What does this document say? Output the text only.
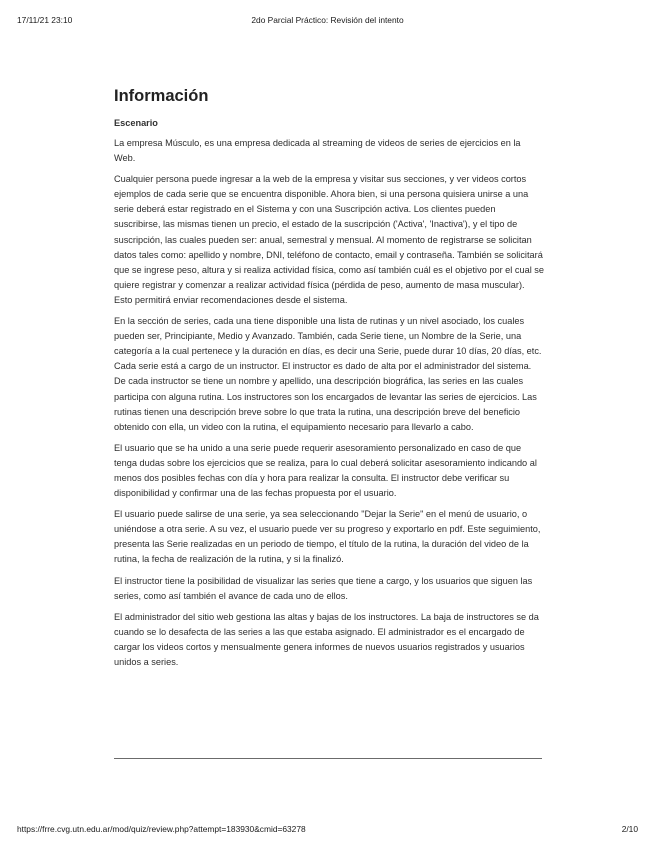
17/11/21 23:10	2do Parcial Práctico: Revisión del intento
Información
Escenario

La empresa Músculo, es una empresa dedicada al streaming de videos de series de ejercicios en la Web.

Cualquier persona puede ingresar a la web de la empresa y visitar sus secciones, y ver videos cortos ejemplos de cada serie que se encuentra disponible. Ahora bien, si una persona quisiera unirse a una serie deberá estar registrado en el Sistema y con una Suscripción activa. Los clientes pueden suscribirse, las mismas tienen un precio, el estado de la suscripción ('Activa', 'Inactiva'), y el tipo de suscripción, las cuales pueden ser: anual, semestral y mensual. Al momento de registrarse se solicitan datos tales como: apellido y nombre, DNI, teléfono de contacto, email y contraseña. También se solicitará que se ingrese peso, altura y si realiza actividad física, como así también cuál es el objetivo por el cual se quiere registrar y comenzar a realizar actividad física (pérdida de peso, aumento de masa muscular). Esto permitirá enviar recomendaciones desde el sistema.

En la sección de series, cada una tiene disponible una lista de rutinas y un nivel asociado, los cuales pueden ser, Principiante, Medio y Avanzado. También, cada Serie tiene, un Nombre de la Serie, una categoría a la cual pertenece y la duración en días, es decir una Serie, puede durar 10 días, 20 días, etc. Cada serie está a cargo de un instructor. El instructor es dado de alta por el administrador del sistema. De cada instructor se tiene un nombre y apellido, una descripción biográfica, las series en las cuales participa con alguna rutina. Los instructores son los encargados de levantar las series de ejercicios. Las rutinas tienen una descripción breve sobre lo que trata la rutina, una descripción breve del beneficio obtenido con ella, un video con la rutina, el equipamiento necesario para llevarlo a cabo.

El usuario que se ha unido a una serie puede requerir asesoramiento personalizado en caso de que tenga dudas sobre los ejercicios que se realiza, para lo cual deberá solicitar asesoramiento indicando al menos dos posibles fechas con día y hora para realizar la consulta. El instructor debe verificar su disponibilidad y confirmar una de las fechas propuesta por el usuario.

El usuario puede salirse de una serie, ya sea seleccionando "Dejar la Serie" en el menú de usuario, o uniéndose a otra serie. A su vez, el usuario puede ver su progreso y exportarlo en pdf. Este seguimiento, presenta las Serie realizadas en un periodo de tiempo, el título de la rutina, la duración del video de la rutina, la fecha de realización de la rutina, y si la finalizó.

El instructor tiene la posibilidad de visualizar las series que tiene a cargo, y los usuarios que siguen las series, como así también el avance de cada uno de ellos.

El administrador del sitio web gestiona las altas y bajas de los instructores. La baja de instructores se da cuando se lo desafecta de las series a las que estaba asignado. El administrador es el encargado de cargar los videos cortos y mensualmente genera informes de nuevos usuarios registrados y usuarios unidos a series.

https://frre.cvg.utn.edu.ar/mod/quiz/review.php?attempt=183930&cmid=63278	2/10
